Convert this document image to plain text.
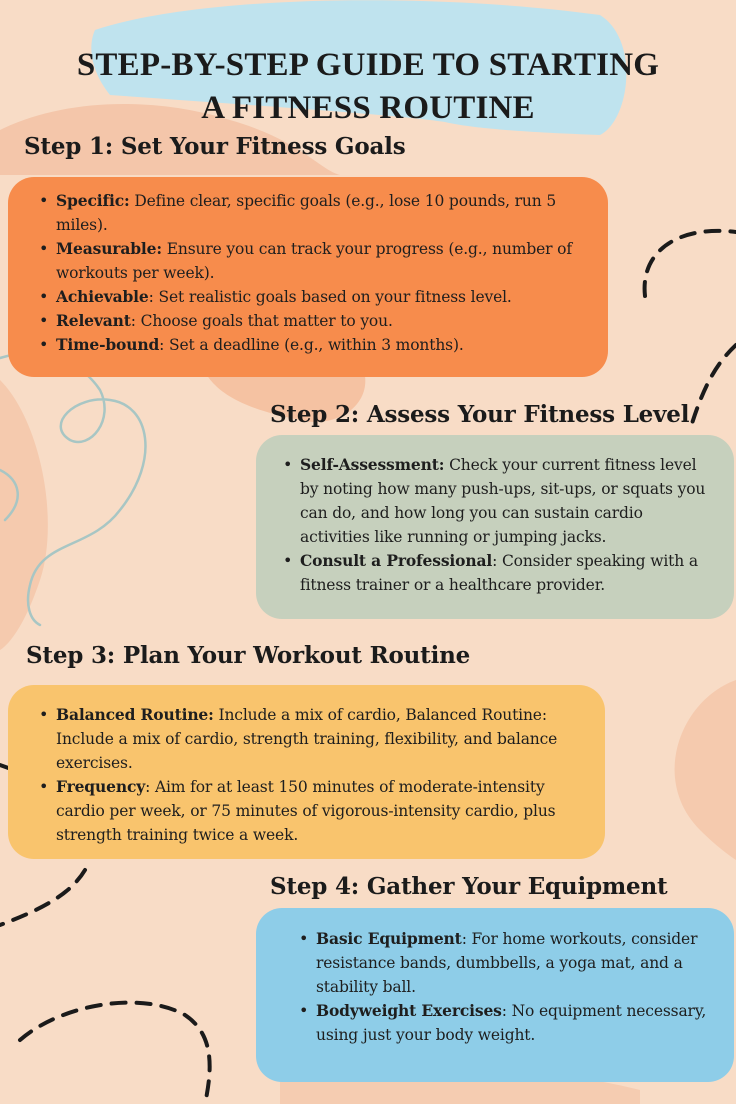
STEP-BY-STEP GUIDE TO STARTING
A FITNESS ROUTINE
Step 1: Set Your Fitness Goals
• Specific: Define clear, specific goals (e.g., lose 10 pounds, run 5 miles).
• Measurable: Ensure you can track your progress (e.g., number of workouts per week).
• Achievable: Set realistic goals based on your fitness level.
• Relevant: Choose goals that matter to you.
• Time-bound: Set a deadline (e.g., within 3 months).
Step 2: Assess Your Fitness Level
• Self-Assessment: Check your current fitness level by noting how many push-ups, sit-ups, or squats you can do, and how long you can sustain cardio activities like running or jumping jacks.
• Consult a Professional: Consider speaking with a fitness trainer or a healthcare provider.
Step 3: Plan Your Workout Routine
• Balanced Routine: Include a mix of cardio, Balanced Routine: Include a mix of cardio, strength training, flexibility, and balance exercises.
• Frequency: Aim for at least 150 minutes of moderate-intensity cardio per week, or 75 minutes of vigorous-intensity cardio, plus strength training twice a week.
Step 4: Gather Your Equipment
• Basic Equipment: For home workouts, consider resistance bands, dumbbells, a yoga mat, and a stability ball.
• Bodyweight Exercises: No equipment necessary, using just your body weight.
